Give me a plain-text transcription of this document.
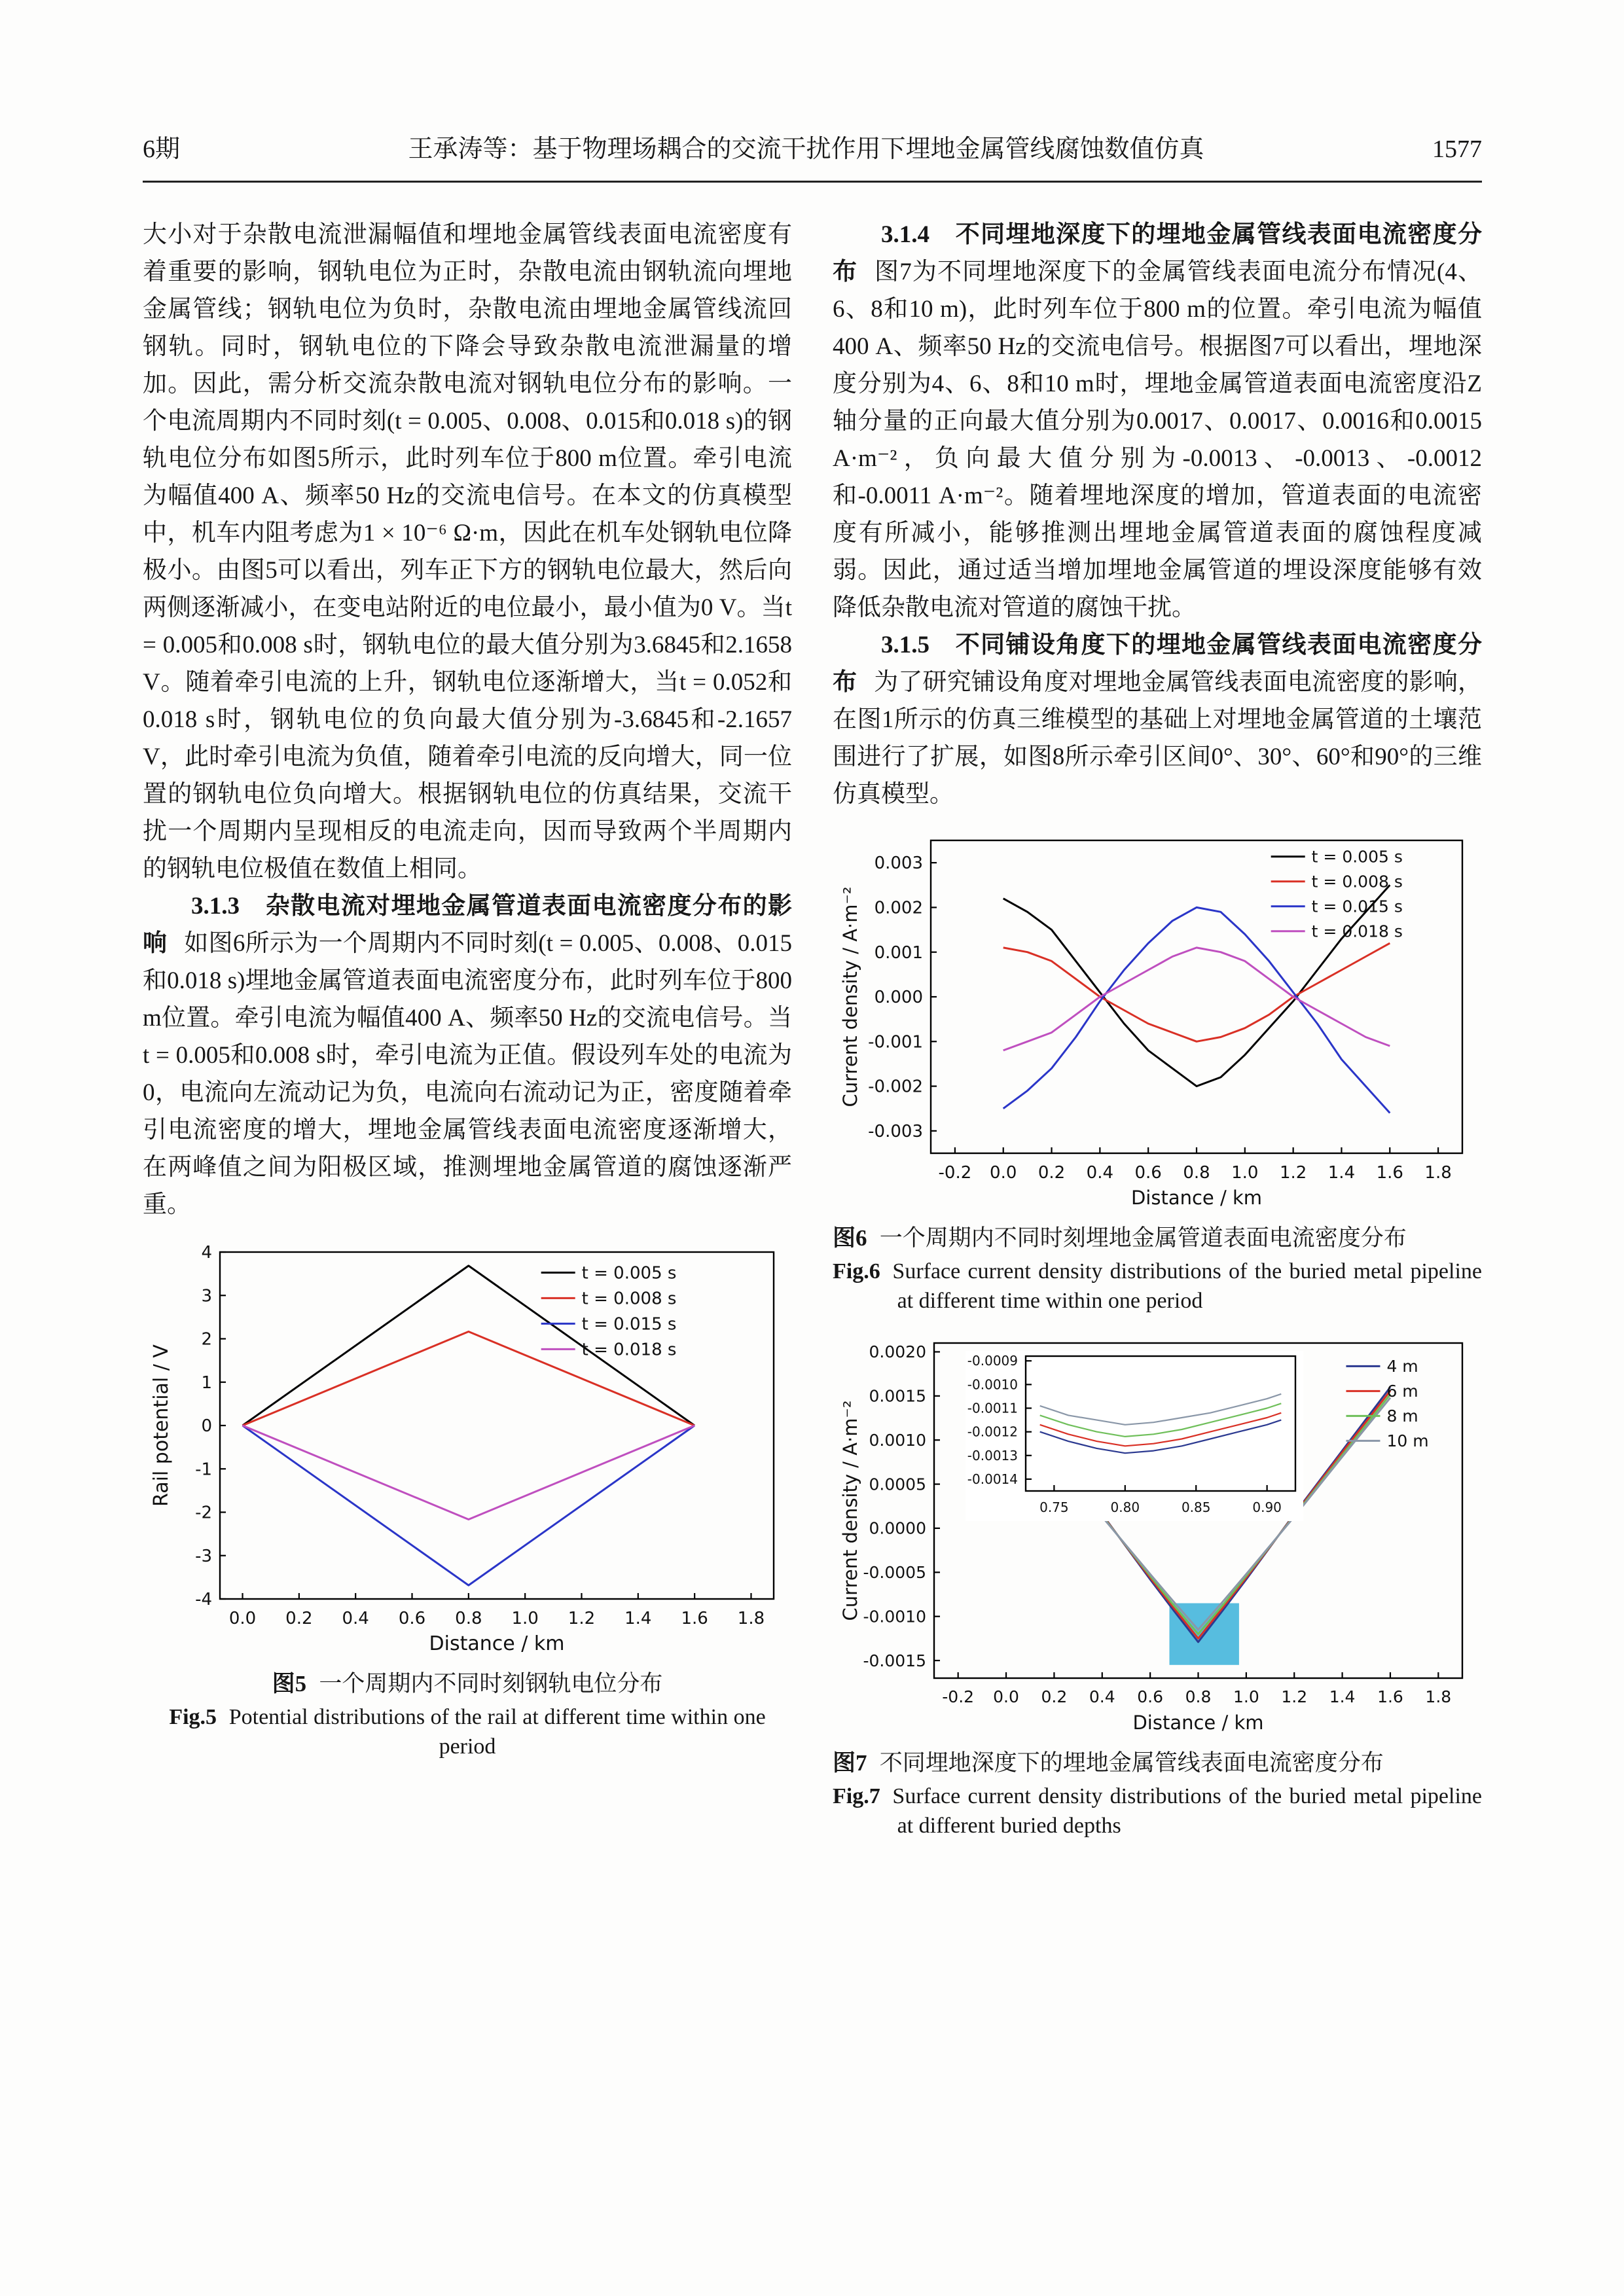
6期	王承涛等：基于物理场耦合的交流干扰作用下埋地金属管线腐蚀数值仿真	1577

大小对于杂散电流泄漏幅值和埋地金属管线表面电流密度有着重要的影响，钢轨电位为正时，杂散电流由钢轨流向埋地金属管线；钢轨电位为负时，杂散电流由埋地金属管线流回钢轨。同时，钢轨电位的下降会导致杂散电流泄漏量的增加。因此，需分析交流杂散电流对钢轨电位分布的影响。一个电流周期内不同时刻(t = 0.005、0.008、0.015和0.018 s)的钢轨电位分布如图5所示，此时列车位于800 m位置。牵引电流为幅值400 A、频率50 Hz的交流电信号。在本文的仿真模型中，机车内阻考虑为1 × 10⁻⁶ Ω·m，因此在机车处钢轨电位降极小。由图5可以看出，列车正下方的钢轨电位最大，然后向两侧逐渐减小，在变电站附近的电位最小，最小值为0 V。当t = 0.005和0.008 s时，钢轨电位的最大值分别为3.6845和2.1658 V。随着牵引电流的上升，钢轨电位逐渐增大，当t = 0.052和0.018 s时，钢轨电位的负向最大值分别为-3.6845和-2.1657 V，此时牵引电流为负值，随着牵引电流的反向增大，同一位置的钢轨电位负向增大。根据钢轨电位的仿真结果，交流干扰一个周期内呈现相反的电流走向，因而导致两个半周期内的钢轨电位极值在数值上相同。

3.1.3　杂散电流对埋地金属管道表面电流密度分布的影响 如图6所示为一个周期内不同时刻(t = 0.005、0.008、0.015和0.018 s)埋地金属管道表面电流密度分布，此时列车位于800 m位置。牵引电流为幅值400 A、频率50 Hz的交流电信号。当t = 0.005和0.008 s时，牵引电流为正值。假设列车处的电流为0，电流向左流动记为负，电流向右流动记为正，密度随着牵引电流密度的增大，埋地金属管线表面电流密度逐渐增大，在两峰值之间为阳极区域，推测埋地金属管道的腐蚀逐渐严重。

0.0 0.2 0.4 0.6 0.8 1.0 1.2 1.4 1.6 1.8
-4
-3
-2
-1
0
1
2
3
4
Distance / km
Rail potential / V
t = 0.005 s
t = 0.008 s
t = 0.015 s
t = 0.018 s
图5 一个周期内不同时刻钢轨电位分布
Fig.5 Potential distributions of the rail at different time within one period

3.1.4　不同埋地深度下的埋地金属管线表面电流密度分布 图7为不同埋地深度下的金属管线表面电流分布情况(4、6、8和10 m)，此时列车位于800 m的位置。牵引电流为幅值400 A、频率50 Hz的交流电信号。根据图7可以看出，埋地深度分别为4、6、8和10 m时，埋地金属管道表面电流密度沿Z轴分量的正向最大值分别为0.0017、0.0017、0.0016和0.0015 A·m⁻²，负向最大值分别为-0.0013、-0.0013、-0.0012和-0.0011 A·m⁻²。随着埋地深度的增加，管道表面的电流密度有所减小，能够推测出埋地金属管道表面的腐蚀程度减弱。因此，通过适当增加埋地金属管道的埋设深度能够有效降低杂散电流对管道的腐蚀干扰。

3.1.5　不同铺设角度下的埋地金属管线表面电流密度分布 为了研究铺设角度对埋地金属管线表面电流密度的影响，在图1所示的仿真三维模型的基础上对埋地金属管道的土壤范围进行了扩展，如图8所示牵引区间0°、30°、60°和90°的三维仿真模型。

-0.2 0.0 0.2 0.4 0.6 0.8 1.0 1.2 1.4 1.6 1.8
0.003
0.002
0.001
0.000
-0.001
-0.002
-0.003
Distance / km
Current density / A·m⁻²
t = 0.005 s
t = 0.008 s
t = 0.015 s
t = 0.018 s
图6 一个周期内不同时刻埋地金属管道表面电流密度分布
Fig.6 Surface current density distributions of the buried metal pipeline at different time within one period
-0.2 0.0 0.2 0.4 0.6 0.8 1.0 1.2 1.4 1.6 1.8
0.0020
0.0015
0.0010
0.0005
0.0000
-0.0005
-0.0010
-0.0015
Distance / km
Current density / A·m⁻²
4 m
6 m
8 m
10 m
0.75	0.80	0.85	0.90
-0.0009
-0.0010
-0.0011
-0.0012
-0.0013
-0.0014
图7 不同埋地深度下的埋地金属管线表面电流密度分布
Fig.7 Surface current density distributions of the buried metal pipeline at different buried depths
